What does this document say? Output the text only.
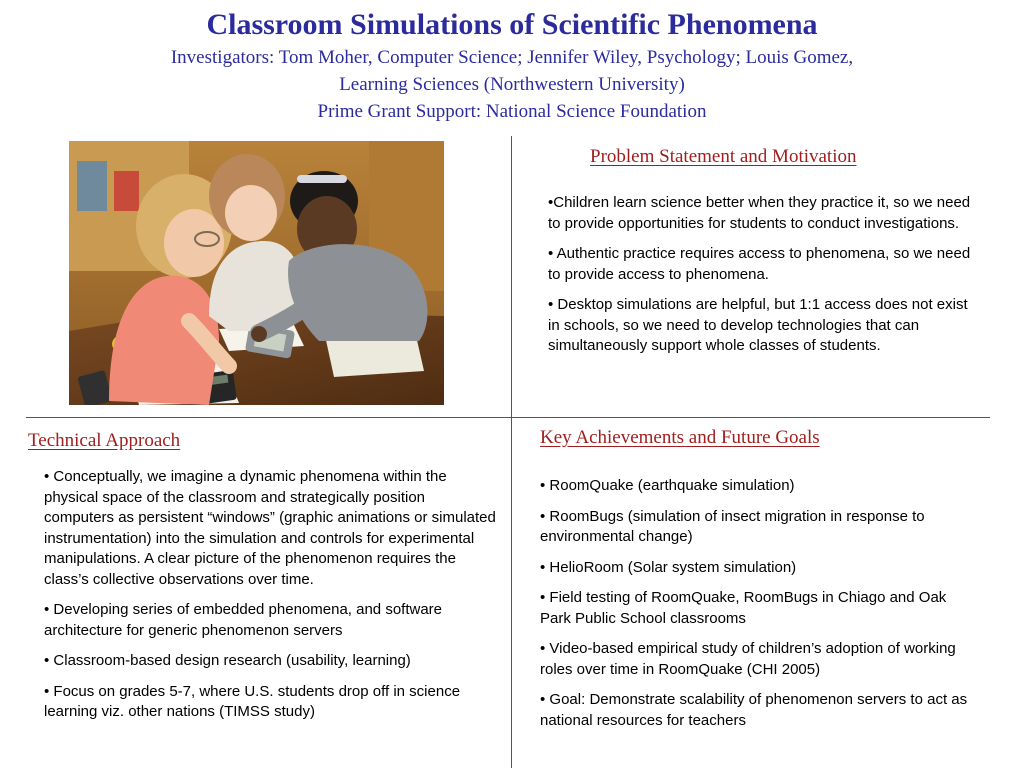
Classroom Simulations of Scientific Phenomena

Investigators: Tom Moher, Computer Science; Jennifer Wiley, Psychology; Louis Gomez,

Learning Sciences (Northwestern University)

Prime Grant Support: National Science Foundation

Problem Statement and Motivation

•Children learn science better when they practice it, so we need to provide opportunities for students to conduct investigations.

• Authentic practice requires access to phenomena, so we need to provide access to phenomena.

• Desktop simulations are helpful, but 1:1 access does not exist in schools, so we need to develop technologies that can simultaneously support whole classes of students.

Technical Approach

• Conceptually, we imagine a dynamic phenomena within the physical space of the classroom and strategically position computers as persistent “windows” (graphic animations or simulated instrumentation) into the simulation and controls for experimental manipulations. A clear picture of the phenomenon requires the class’s collective observations over time.

• Developing series of embedded phenomena, and software architecture for generic phenomenon servers

• Classroom-based design research (usability, learning)

• Focus on grades 5-7, where U.S. students drop off in science learning viz. other nations (TIMSS study)

Key Achievements and Future Goals

• RoomQuake (earthquake simulation)

• RoomBugs (simulation of insect migration in response to environmental change)

• HelioRoom (Solar system simulation)

• Field testing of RoomQuake, RoomBugs in Chiago and Oak Park Public School classrooms

• Video-based empirical study of children’s adoption of working roles over time in RoomQuake (CHI 2005)

• Goal: Demonstrate scalability of phenomenon servers to act as national resources for teachers
